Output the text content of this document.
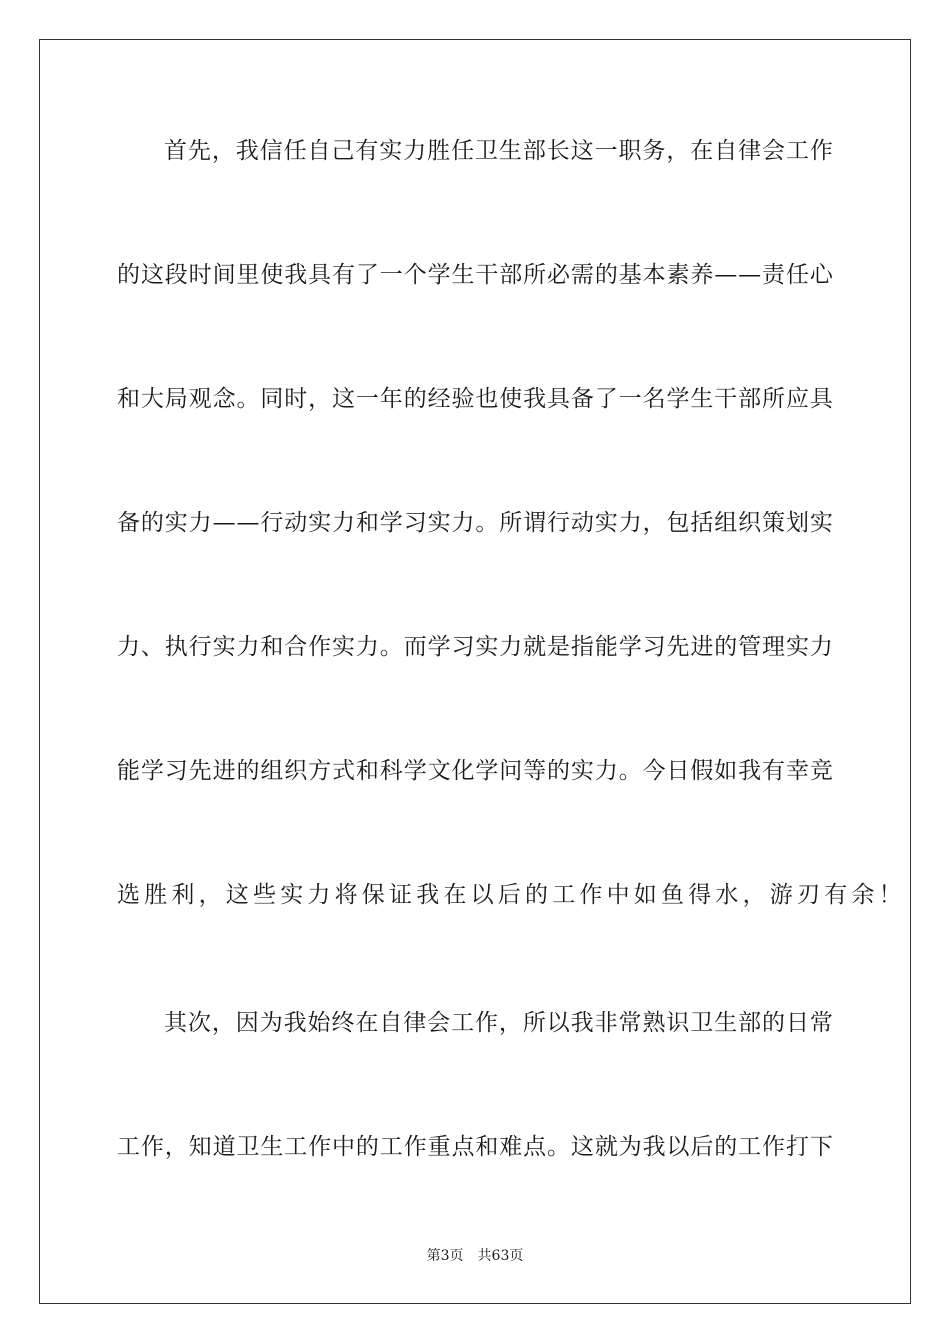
首 先 ， 我 信 任 自 己 有 实 力 胜 任 卫 生 部 长 这 一 职 务 ， 在 自 律 会 工 作
的 这 段 时 间 里 使 我 具 有 了 一 个 学 生 干 部 所 必 需 的 基 本 素 养 — — 责 任 心
和 大 局 观 念 。 同 时 ， 这 一 年 的 经 验 也 使 我 具 备 了 一 名 学 生 干 部 所 应 具
备 的 实 力 — — 行 动 实 力 和 学 习 实 力 。 所 谓 行 动 实 力 ， 包 括 组 织 策 划 实
力 、 执 行 实 力 和 合 作 实 力 。 而 学 习 实 力 就 是 指 能 学 习 先 进 的 管 理 实 力
能 学 习 先 进 的 组 织 方 式 和 科 学 文 化 学 问 等 的 实 力 。 今 日 假 如 我 有 幸 竞
选胜利，这些实力将保证我在以后的工作中如鱼得水，游刃有余！
其 次 ， 因 为 我 始 终 在 自 律 会 工 作 ， 所 以 我 非 常 熟 识 卫 生 部 的 日 常
工 作 ， 知 道 卫 生 工 作 中 的 工 作 重 点 和 难 点 。 这 就 为 我 以 后 的 工 作 打 下
第3页 共63页
